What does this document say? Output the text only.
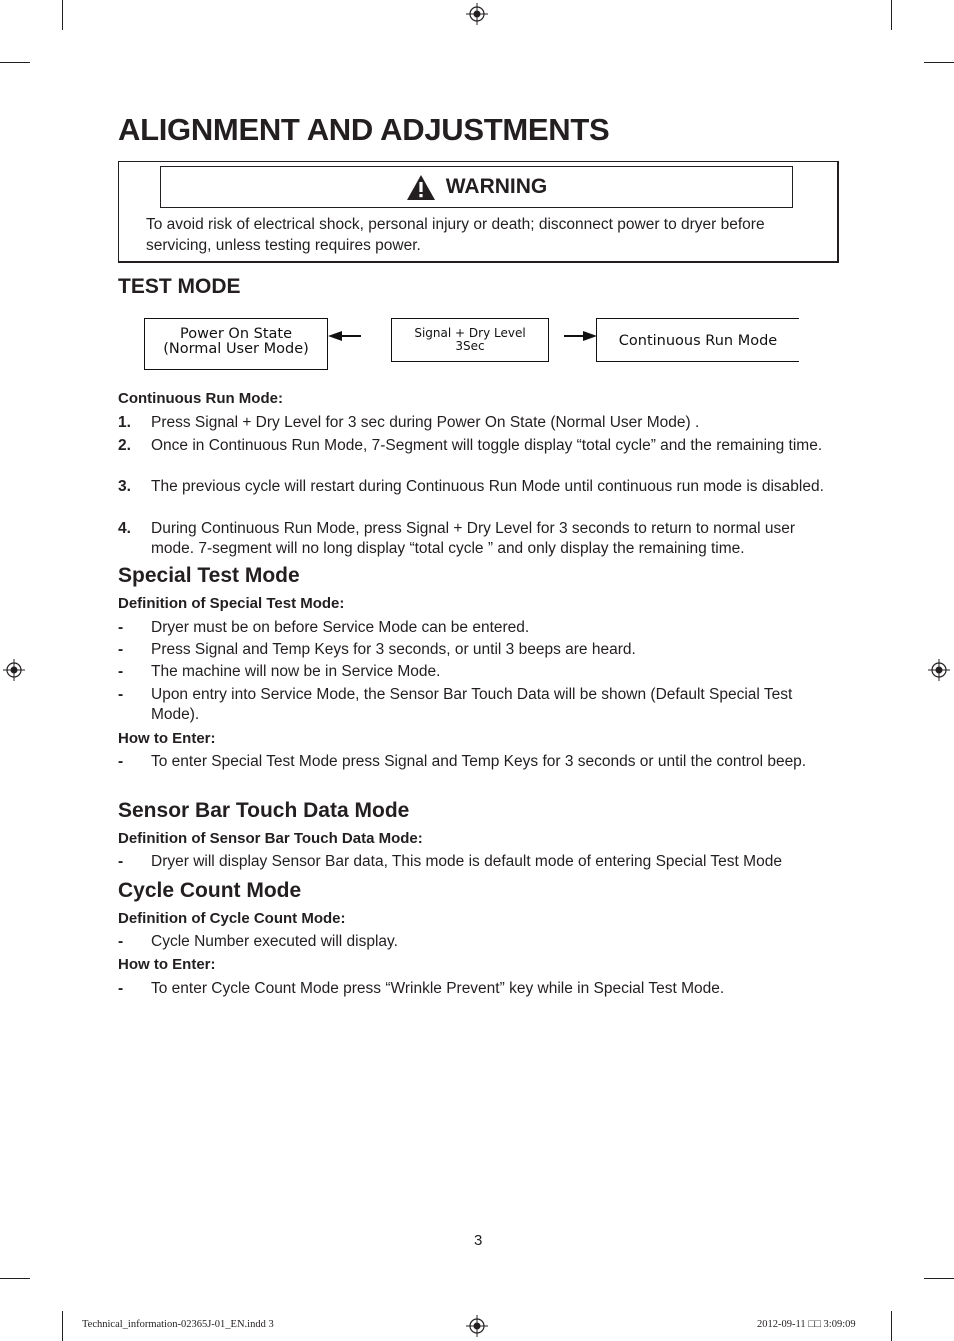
ALIGNMENT AND ADJUSTMENTS
WARNING
To avoid risk of electrical shock, personal injury or death; disconnect power to dryer before servicing, unless testing requires power.
TEST MODE
Power On State
(Normal User Mode)
Signal + Dry Level
3Sec	Continuous Run Mode
Continuous Run Mode:
1. Press Signal + Dry Level for 3 sec during Power On State (Normal User Mode) .
2. Once in Continuous Run Mode, 7-Segment will toggle display “total cycle” and the remaining time.
3. The previous cycle will restart during Continuous Run Mode until continuous run mode is disabled.
4. During Continuous Run Mode, press Signal + Dry Level for 3 seconds to return to normal user mode. 7-segment will no long display “total cycle ” and only display the remaining time.
Special Test Mode
Definition of Special Test Mode:
- Dryer must be on before Service Mode can be entered.
- Press Signal and Temp Keys for 3 seconds, or until 3 beeps are heard.
- The machine will now be in Service Mode.
- Upon entry into Service Mode, the Sensor Bar Touch Data will be shown (Default Special Test Mode).
How to Enter:
- To enter Special Test Mode press Signal and Temp Keys for 3 seconds or until the control beep.
Sensor Bar Touch Data Mode
Definition of Sensor Bar Touch Data Mode:
- Dryer will display Sensor Bar data, This mode is default mode of entering Special Test Mode
Cycle Count Mode
Definition of Cycle Count Mode:
- Cycle Number executed will display.
How to Enter:
- To enter Cycle Count Mode press “Wrinkle Prevent” key while in Special Test Mode.
3
Technical_information-02365J-01_EN.indd 3	2012-09-11 □□ 3:09:09
